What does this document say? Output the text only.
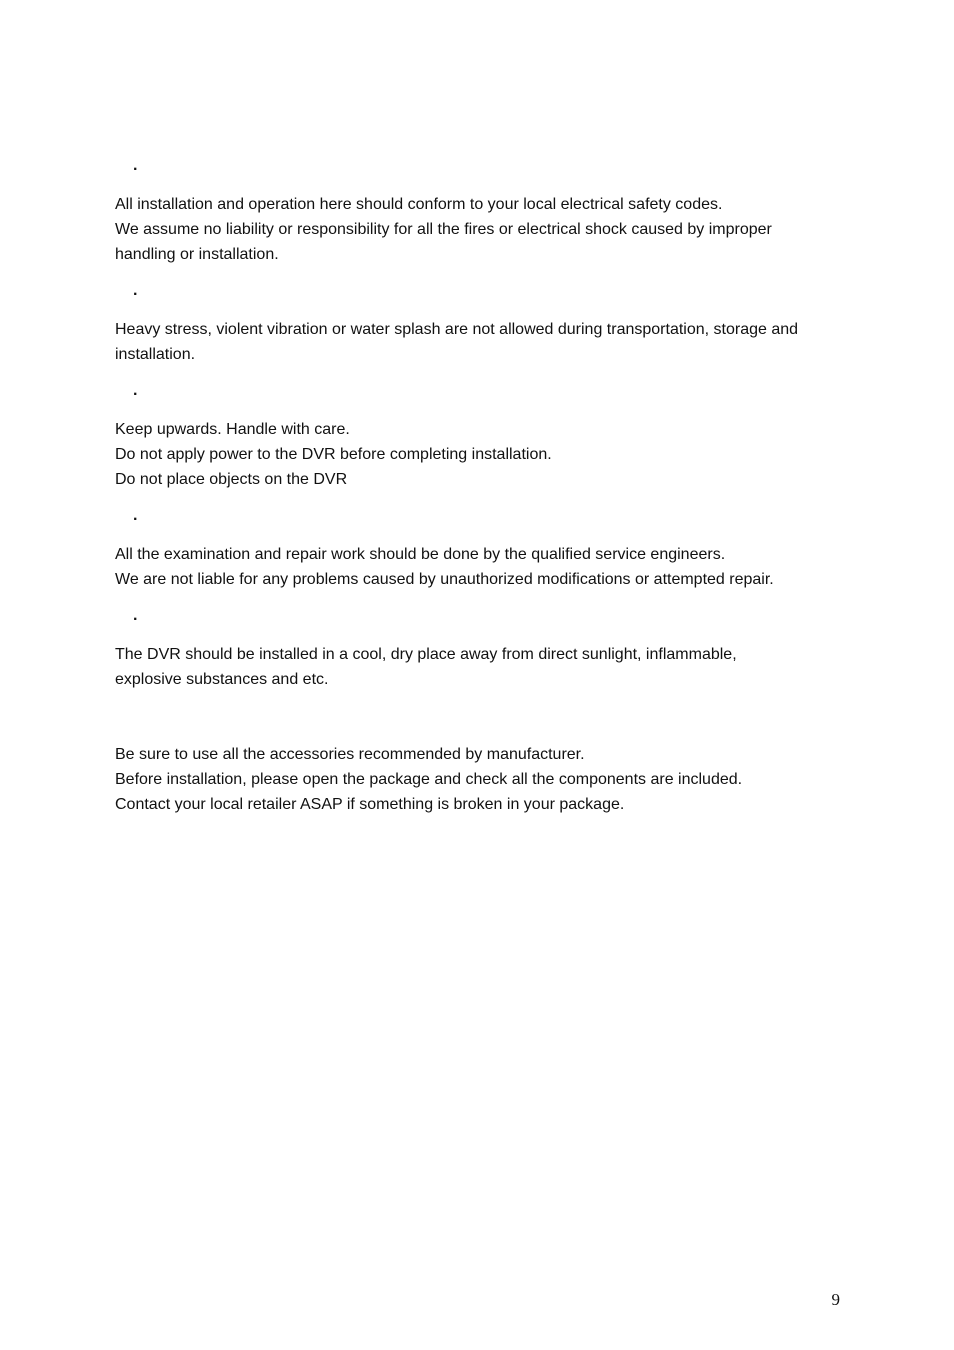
·
All installation and operation here should conform to your local electrical safety codes.
We assume no liability or responsibility for all the fires or electrical shock caused by improper
handling or installation.
·
Heavy stress, violent vibration or water splash are not allowed during transportation, storage and
installation.
·
Keep upwards. Handle with care.
Do not apply power to the DVR before completing installation.
Do not place objects on the DVR
·
All the examination and repair work should be done by the qualified service engineers.
We are not liable for any problems caused by unauthorized modifications or attempted repair.
·
The DVR should be installed in a cool, dry place away from direct sunlight, inflammable,
explosive substances and etc.
Be sure to use all the accessories recommended by manufacturer.
Before installation, please open the package and check all the components are included.
Contact your local retailer ASAP if something is broken in your package.
9
